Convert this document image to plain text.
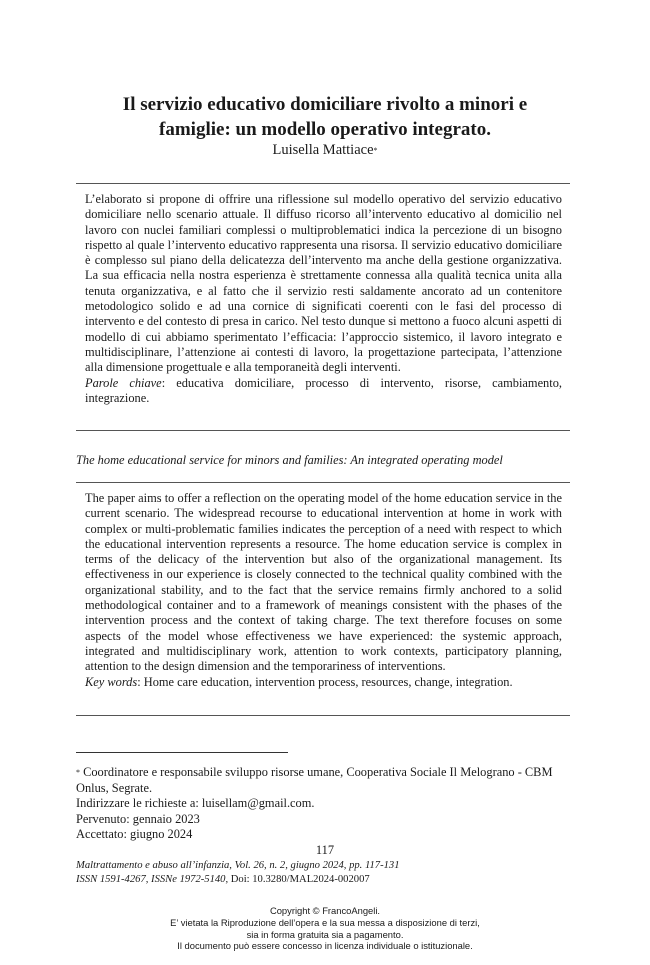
Il servizio educativo domiciliare rivolto a minori e
famiglie: un modello operativo integrato.
Luisella Mattiace*

L’elaborato si propone di offrire una riflessione sul modello operativo del servizio educativo domiciliare nello scenario attuale. Il diffuso ricorso all’intervento educativo al domicilio nel lavoro con nuclei familiari complessi o multiproblematici indica la percezione di un bisogno rispetto al quale l’intervento educativo rappresenta una risorsa. Il servizio educativo domiciliare è complesso sul piano della delicatezza dell’intervento ma anche della gestione organizzativa. La sua efficacia nella nostra esperienza è strettamente connessa alla qualità tecnica unita alla tenuta organizzativa, e al fatto che il servizio resti saldamente ancorato ad un contenitore metodologico solido e ad una cornice di significati coerenti con le fasi del processo di intervento e del contesto di presa in carico. Nel testo dunque si mettono a fuoco alcuni aspetti di modello di cui abbiamo sperimentato l’efficacia: l’approccio sistemico, il lavoro integrato e multidisciplinare, l’attenzione ai contesti di lavoro, la progettazione partecipata, l’attenzione alla dimensione progettuale e alla temporaneità degli interventi.
Parole chiave: educativa domiciliare, processo di intervento, risorse, cambiamento, integrazione.

The home educational service for minors and families: An integrated operating model

The paper aims to offer a reflection on the operating model of the home education service in the current scenario. The widespread recourse to educational intervention at home in work with complex or multi-problematic families indicates the perception of a need with respect to which the educational intervention represents a resource. The home education service is complex in terms of the delicacy of the intervention but also of the organizational management. Its effectiveness in our experience is closely connected to the technical quality combined with the organizational stability, and to the fact that the service remains firmly anchored to a solid methodological container and to a framework of meanings consistent with the phases of the intervention process and the context of taking charge. The text therefore focuses on some aspects of the model whose effectiveness we have experienced: the systemic approach, integrated and multidisciplinary work, attention to work contexts, participatory planning, attention to the design dimension and the temporariness of interventions.
Key words: Home care education, intervention process, resources, change, integration.

* Coordinatore e responsabile sviluppo risorse umane, Cooperativa Sociale Il Melograno - CBM Onlus, Segrate.
Indirizzare le richieste a: luisellam@gmail.com.
Pervenuto: gennaio 2023
Accettato: giugno 2024

117
Maltrattamento e abuso all’infanzia, Vol. 26, n. 2, giugno 2024, pp. 117-131
ISSN 1591-4267, ISSNe 1972-5140, Doi: 10.3280/MAL2024-002007
Copyright © FrancoAngeli.
E’ vietata la Riproduzione dell’opera e la sua messa a disposizione di terzi,
sia in forma gratuita sia a pagamento.
Il documento può essere concesso in licenza individuale o istituzionale.
